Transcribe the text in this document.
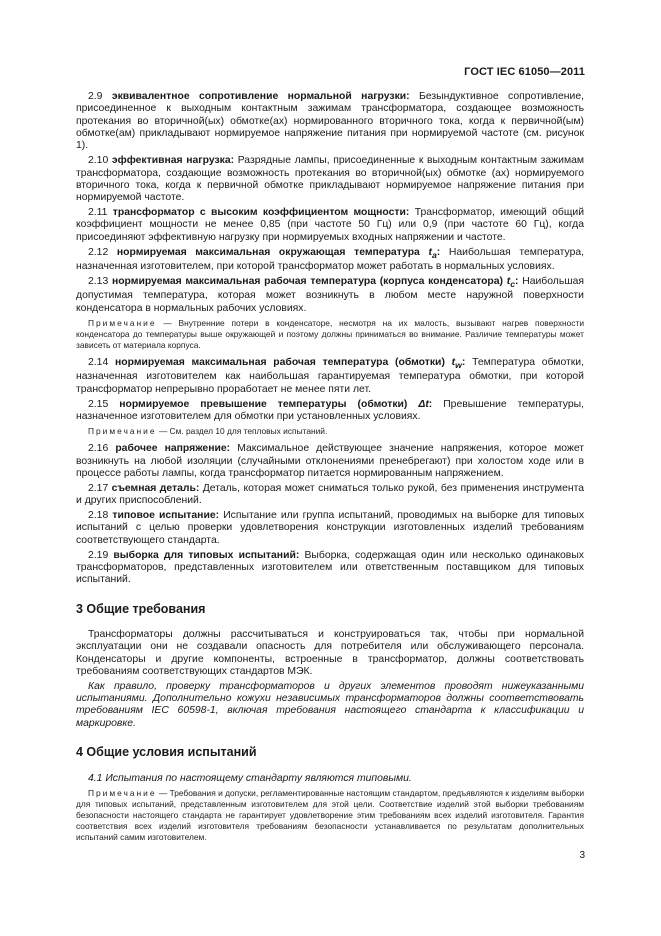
ГОСТ IEC 61050—2011

2.9 эквивалентное сопротивление нормальной нагрузки: Безындуктивное сопротивление, присоединенное к выходным контактным зажимам трансформатора, создающее возможность протекания во вторичной(ых) обмотке(ах) нормированного вторичного тока, когда к первичной(ым) обмотке(ам) прикладывают нормируемое напряжение питания при нормируемой частоте (см. рисунок 1).

2.10 эффективная нагрузка: Разрядные лампы, присоединенные к выходным контактным зажимам трансформатора, создающие возможность протекания во вторичной(ых) обмотке (ах) нормируемого вторичного тока, когда к первичной обмотке прикладывают нормируемое напряжение питания при нормируемой частоте.

2.11 трансформатор с высоким коэффициентом мощности: Трансформатор, имеющий общий коэффициент мощности не менее 0,85 (при частоте 50 Гц) или 0,9 (при частоте 60 Гц), когда присоединяют эффективную нагрузку при нормируемых входных напряжении и частоте.

2.12 нормируемая максимальная окружающая температура $t_a$: Наибольшая температура, назначенная изготовителем, при которой трансформатор может работать в нормальных условиях.

2.13 нормируемая максимальная рабочая температура (корпуса конденсатора) $t_c$: Наибольшая допустимая температура, которая может возникнуть в любом месте наружной поверхности конденсатора в нормальных рабочих условиях.

Примечание — Внутренние потери в конденсаторе, несмотря на их малость, вызывают нагрев поверхности конденсатора до температуры выше окружающей и поэтому должны приниматься во внимание. Различие температуры может зависеть от материала корпуса.

2.14 нормируемая максимальная рабочая температура (обмотки) $t_w$: Температура обмотки, назначенная изготовителем как наибольшая гарантируемая температура обмотки, при которой трансформатор непрерывно проработает не менее пяти лет.

2.15 нормируемое превышение температуры (обмотки) Δt: Превышение температуры, назначенное изготовителем для обмотки при установленных условиях.

Примечание — См. раздел 10 для тепловых испытаний.

2.16 рабочее напряжение: Максимальное действующее значение напряжения, которое может возникнуть на любой изоляции (случайными отклонениями пренебрегают) при холостом ходе или в процессе работы лампы, когда трансформатор питается нормированным напряжением.

2.17 съемная деталь: Деталь, которая может сниматься только рукой, без применения инструмента и других приспособлений.

2.18 типовое испытание: Испытание или группа испытаний, проводимых на выборке для типовых испытаний с целью проверки удовлетворения конструкции изготовленных изделий требованиям соответствующего стандарта.

2.19 выборка для типовых испытаний: Выборка, содержащая один или несколько одинаковых трансформаторов, представленных изготовителем или ответственным поставщиком для типовых испытаний.

3 Общие требования

Трансформаторы должны рассчитываться и конструироваться так, чтобы при нормальной эксплуатации они не создавали опасность для потребителя или обслуживающего персонала. Конденсаторы и другие компоненты, встроенные в трансформатор, должны соответствовать требованиям соответствующих стандартов МЭК.

Как правило, проверку трансформаторов и других элементов проводят нижеуказанными испытаниями. Дополнительно кожухи независимых трансформаторов должны соответствовать требованиям IEC 60598-1, включая требования настоящего стандарта к классификации и маркировке.

4 Общие условия испытаний

4.1 Испытания по настоящему стандарту являются типовыми.

Примечание — Требования и допуски, регламентированные настоящим стандартом, предъявляются к изделиям выборки для типовых испытаний, представленным изготовителем для этой цели. Соответствие изделий этой выборки требованиям безопасности настоящего стандарта не гарантирует удовлетворение этим требованиям всех изделий изготовителя. Гарантия соответствия всех изделий изготовителя требованиям безопасности устанавливается по результатам дополнительных испытаний самим изготовителем.

3
